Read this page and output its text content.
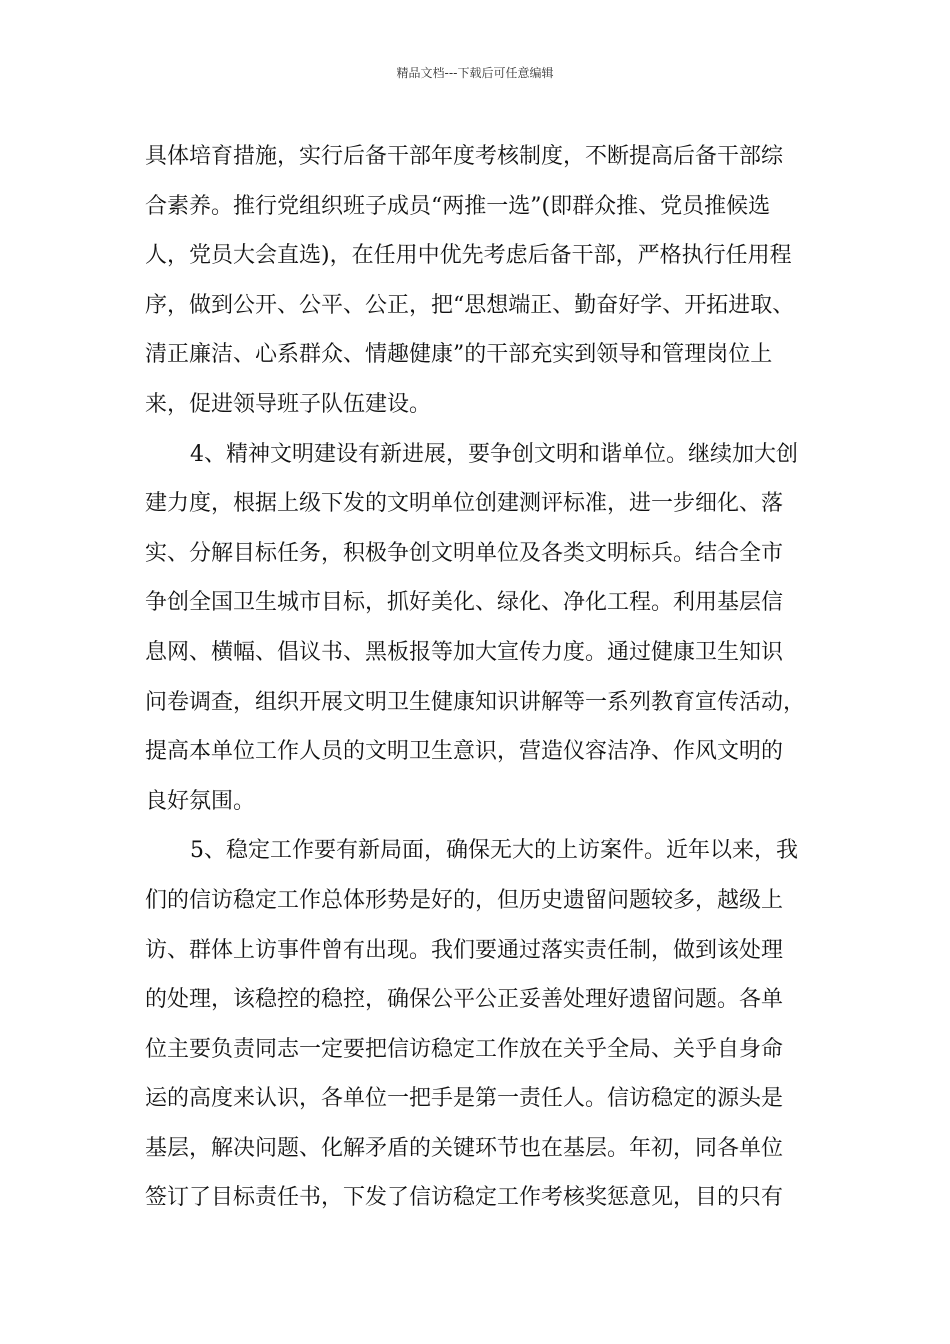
精品文档---下载后可任意编辑
具体培育措施，实行后备干部年度考核制度，不断提高后备干部综
合素养。推行党组织班子成员“两推一选”(即群众推、党员推候选
人，党员大会直选)，在任用中优先考虑后备干部，严格执行任用程
序，做到公开、公平、公正，把“思想端正、勤奋好学、开拓进取、
清正廉洁、心系群众、情趣健康”的干部充实到领导和管理岗位上
来，促进领导班子队伍建设。
4、精神文明建设有新进展，要争创文明和谐单位。继续加大创
建力度，根据上级下发的文明单位创建测评标准，进一步细化、落
实、分解目标任务，积极争创文明单位及各类文明标兵。结合全市
争创全国卫生城市目标，抓好美化、绿化、净化工程。利用基层信
息网、横幅、倡议书、黑板报等加大宣传力度。通过健康卫生知识
问卷调查，组织开展文明卫生健康知识讲解等一系列教育宣传活动，
提高本单位工作人员的文明卫生意识，营造仪容洁净、作风文明的
良好氛围。
5、稳定工作要有新局面，确保无大的上访案件。近年以来，我
们的信访稳定工作总体形势是好的，但历史遗留问题较多，越级上
访、群体上访事件曾有出现。我们要通过落实责任制，做到该处理
的处理，该稳控的稳控，确保公平公正妥善处理好遗留问题。各单
位主要负责同志一定要把信访稳定工作放在关乎全局、关乎自身命
运的高度来认识，各单位一把手是第一责任人。信访稳定的源头是
基层，解决问题、化解矛盾的关键环节也在基层。年初，同各单位
签订了目标责任书，下发了信访稳定工作考核奖惩意见，目的只有
